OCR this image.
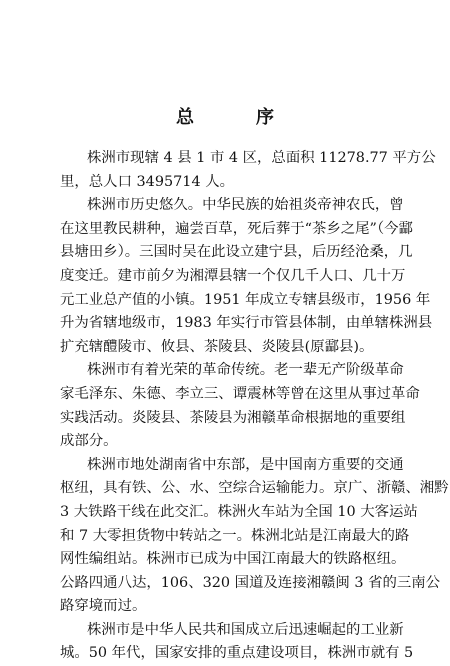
总　序
株洲市现辖 4 县 1 市 4 区，总面积 11278.77 平方公
里，总人口 3495714 人。
株洲市历史悠久。中华民族的始祖炎帝神农氏，曾
在这里教民耕种，遍尝百草，死后葬于“茶乡之尾”（今酃
县塘田乡）。三国时吴在此设立建宁县，后历经沧桑，几
度变迁。建市前夕为湘潭县辖一个仅几千人口、几十万
元工业总产值的小镇。1951 年成立专辖县级市，1956 年
升为省辖地级市，1983 年实行市管县体制，由单辖株洲县
扩充辖醴陵市、攸县、茶陵县、炎陵县(原酃县)。
株洲市有着光荣的革命传统。老一辈无产阶级革命
家毛泽东、朱德、李立三、谭震林等曾在这里从事过革命
实践活动。炎陵县、茶陵县为湘赣革命根据地的重要组
成部分。
株洲市地处湖南省中东部，是中国南方重要的交通
枢纽，具有铁、公、水、空综合运输能力。京广、浙赣、湘黔
3 大铁路干线在此交汇。株洲火车站为全国 10 大客运站
和 7 大零担货物中转站之一。株洲北站是江南最大的路
网性编组站。株洲市已成为中国江南最大的铁路枢纽。
公路四通八达，106、320 国道及连接湘赣闽 3 省的三南公
路穿境而过。
株洲市是中华人民共和国成立后迅速崛起的工业新
城。50 年代，国家安排的重点建设项目，株洲市就有 5
